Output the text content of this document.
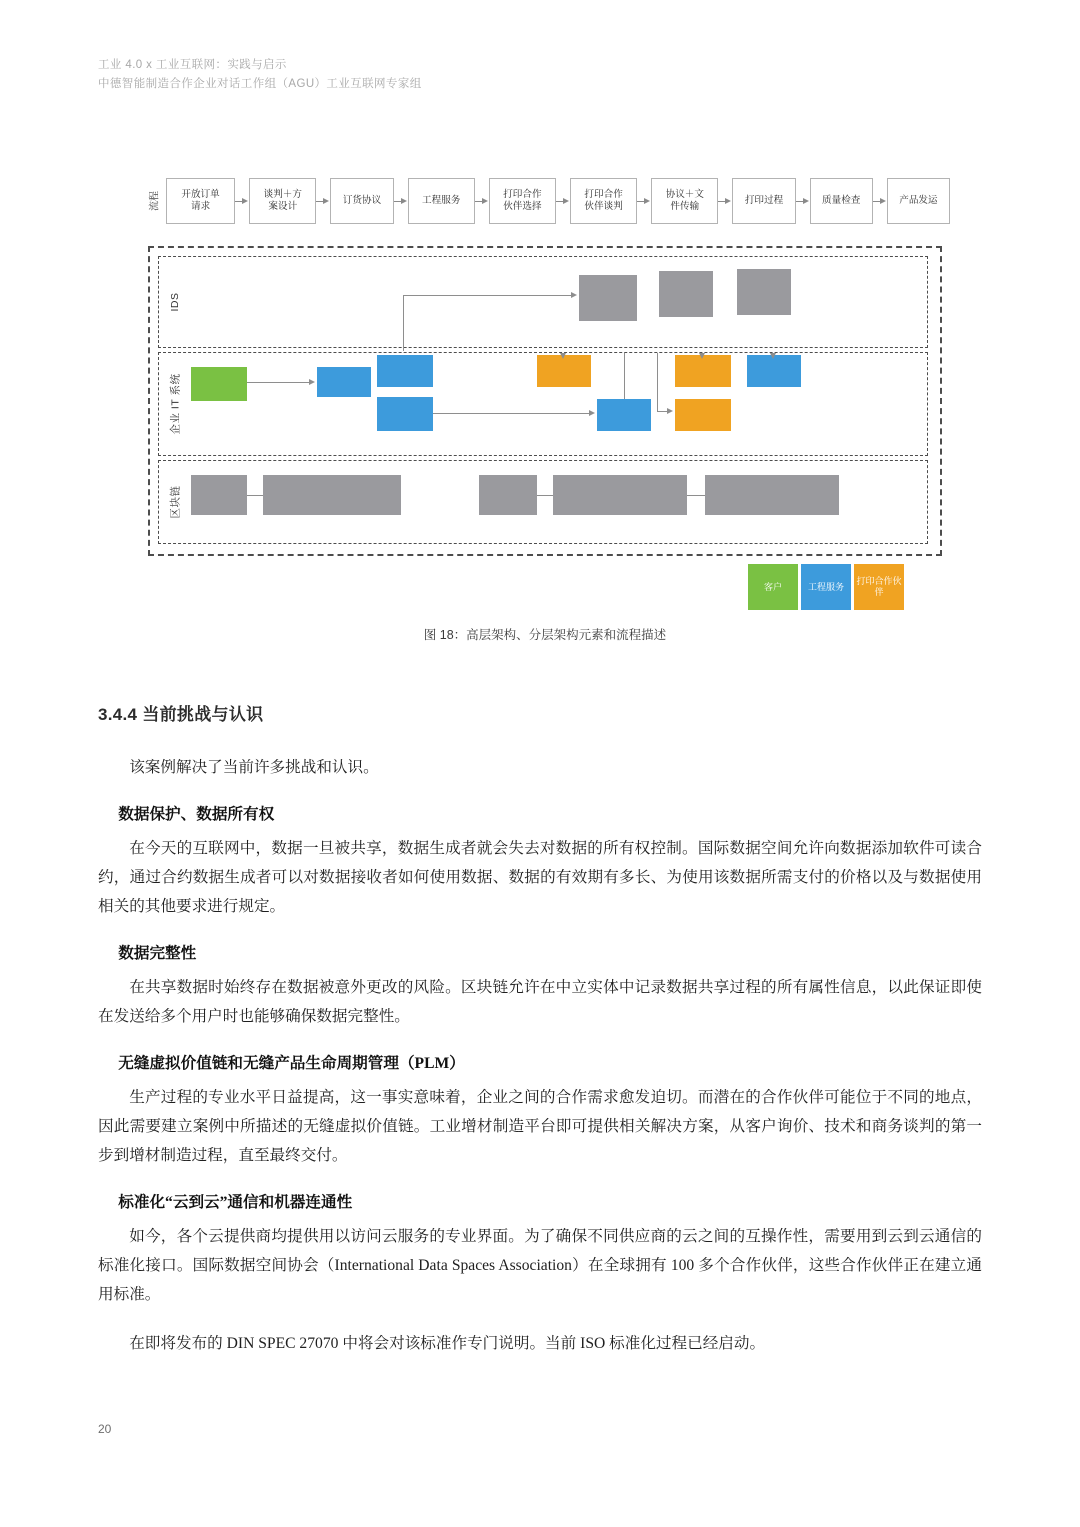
工业 4.0 x 工业互联网：实践与启示
中德智能制造合作企业对话工作组（AGU）工业互联网专家组
流程	开放订单
请求
谈判＋方
案设计
订货协议	工程服务
打印合作
伙伴选择
打印合作
伙伴谈判
协议＋文
件传输
打印过程	质量检查	产品发运
IDS
企业 IT 系统
区块链
客户	工程服务
打印合作伙伴
图 18：高层架构、分层架构元素和流程描述
3.4.4 当前挑战与认识

该案例解决了当前许多挑战和认识。

数据保护、数据所有权

在今天的互联网中，数据一旦被共享，数据生成者就会失去对数据的所有权控制。国际数据空间允许向数据添加软件可读合约，通过合约数据生成者可以对数据接收者如何使用数据、数据的有效期有多长、为使用该数据所需支付的价格以及与数据使用相关的其他要求进行规定。

数据完整性

在共享数据时始终存在数据被意外更改的风险。区块链允许在中立实体中记录数据共享过程的所有属性信息，以此保证即使在发送给多个用户时也能够确保数据完整性。

无缝虚拟价值链和无缝产品生命周期管理（PLM）

生产过程的专业水平日益提高，这一事实意味着，企业之间的合作需求愈发迫切。而潜在的合作伙伴可能位于不同的地点，因此需要建立案例中所描述的无缝虚拟价值链。工业增材制造平台即可提供相关解决方案，从客户询价、技术和商务谈判的第一步到增材制造过程，直至最终交付。

标准化“云到云”通信和机器连通性

如今，各个云提供商均提供用以访问云服务的专业界面。为了确保不同供应商的云之间的互操作性，需要用到云到云通信的标准化接口。国际数据空间协会（International Data Spaces Association）在全球拥有 100 多个合作伙伴，这些合作伙伴正在建立通用标准。

在即将发布的 DIN SPEC 27070 中将会对该标准作专门说明。当前 ISO 标准化过程已经启动。

20
